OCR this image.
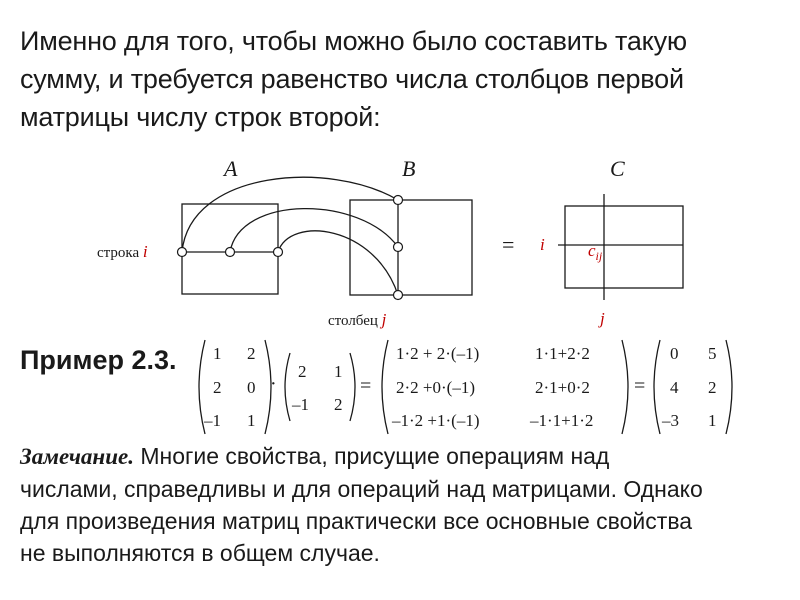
Именно для того, чтобы можно было составить такую
сумму, и требуется равенство числа столбцов первой
матрицы числу строк второй:
A	B	C
строка i
столбец j
= i
j
$c_{ij}$
Пример 2.3. 1 2
2 0
–1 1
·
2 1
–1 2
=
1·2 + 2·(–1)	1·1+2·2
2·2 +0·(–1)	2·1+0·2
–1·2 +1·(–1)	–1·1+1·2
=
0 5
4 2
–3 1
Замечание. Многие свойства, присущие операциям над
числами, справедливы и для операций над матрицами. Однако
для произведения матриц практически все основные свойства
не выполняются в общем случае.
